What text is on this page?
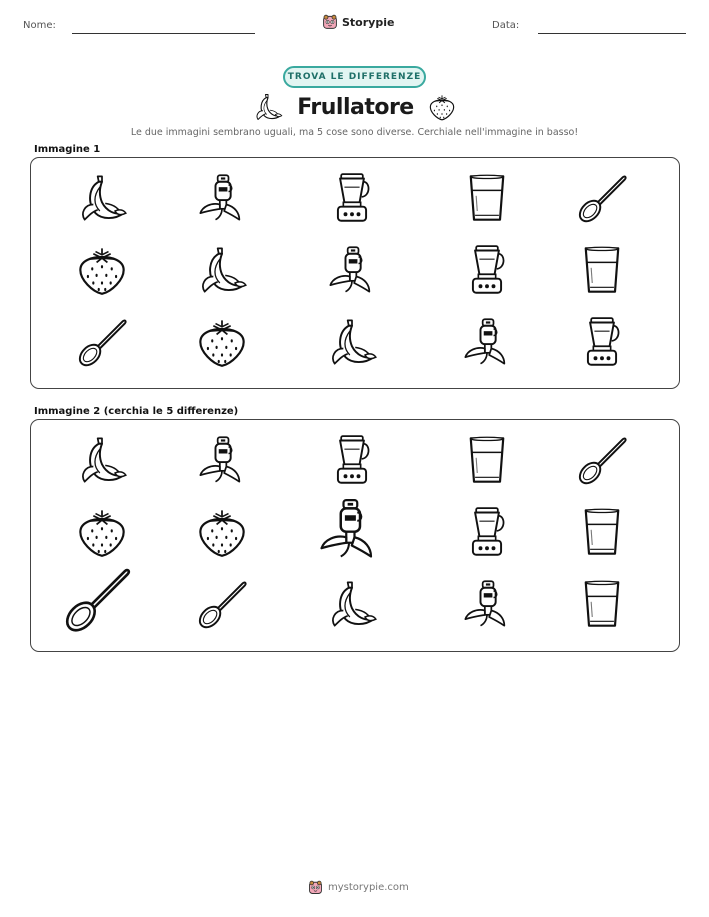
Nome:	Storypie	Data:
TROVA LE DIFFERENZE
Frullatore
Le due immagini sembrano uguali, ma 5 cose sono diverse. Cerchiale nell'immagine in basso!
Immagine 1
Immagine 2 (cerchia le 5 differenze)
mystorypie.com
